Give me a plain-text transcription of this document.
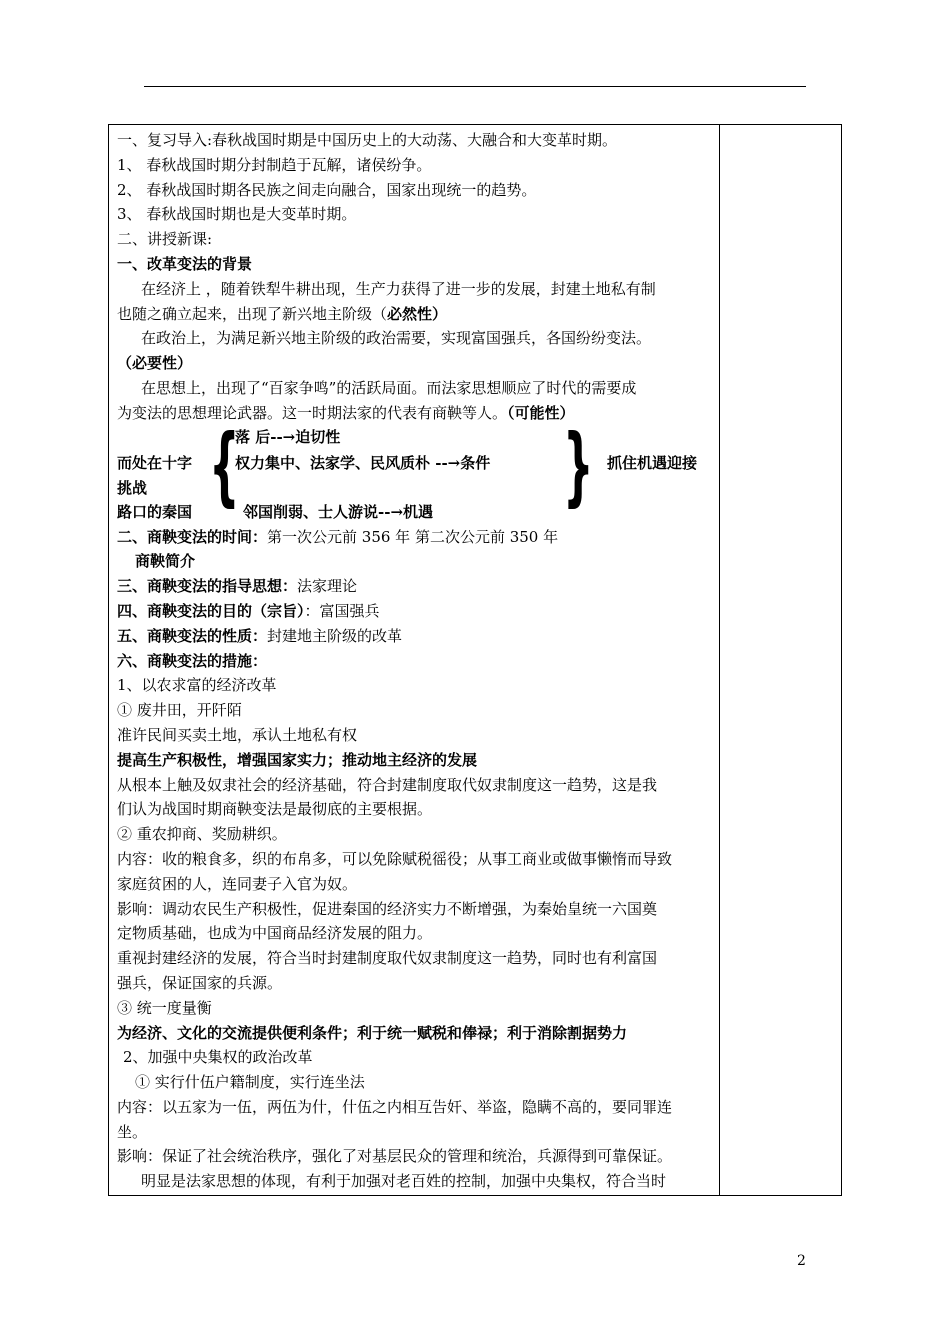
一、复习导入:春秋战国时期是中国历史上的大动荡、大融合和大变革时期。
1、 春秋战国时期分封制趋于瓦解，诸侯纷争。
2、 春秋战国时期各民族之间走向融合，国家出现统一的趋势。
3、 春秋战国时期也是大变革时期。
二、讲授新课:
一、改革变法的背景
在经济上 ，随着铁犁牛耕出现，生产力获得了进一步的发展，封建土地私有制
也随之确立起来，出现了新兴地主阶级（必然性）
在政治上，为满足新兴地主阶级的政治需要，实现富国强兵，各国纷纷变法。
（必要性）
在思想上，出现了“百家争鸣”的活跃局面。而法家思想顺应了时代的需要成
为变法的思想理论武器。这一时期法家的代表有商鞅等人。（可能性）
而处在十字
挑战
路口的秦国 {
落 后--→迫切性
权力集中、法家学、民风质朴 --→条件
邻国削弱、士人游说--→机遇 } 抓住机遇迎接
二、商鞅变法的时间：第一次公元前 356 年 第二次公元前 350 年
商鞅简介
三、商鞅变法的指导思想：法家理论
四、商鞅变法的目的（宗旨）：富国强兵
五、商鞅变法的性质：封建地主阶级的改革
六、商鞅变法的措施：
1、以农求富的经济改革
① 废井田，开阡陌
准许民间买卖土地，承认土地私有权
提高生产积极性，增强国家实力；推动地主经济的发展
从根本上触及奴隶社会的经济基础，符合封建制度取代奴隶制度这一趋势，这是我
们认为战国时期商鞅变法是最彻底的主要根据。
② 重农抑商、奖励耕织。
内容：收的粮食多，织的布帛多，可以免除赋税徭役；从事工商业或做事懒惰而导致
家庭贫困的人，连同妻子入官为奴。
影响：调动农民生产积极性，促进秦国的经济实力不断增强，为秦始皇统一六国奠
定物质基础，也成为中国商品经济发展的阻力。
重视封建经济的发展，符合当时封建制度取代奴隶制度这一趋势，同时也有利富国
强兵，保证国家的兵源。
③ 统一度量衡
为经济、文化的交流提供便利条件；利于统一赋税和俸禄；利于消除割据势力
2、加强中央集权的政治改革
① 实行什伍户籍制度，实行连坐法
内容：以五家为一伍，两伍为什，什伍之内相互告奸、举盗，隐瞒不高的，要同罪连
坐。
影响：保证了社会统治秩序，强化了对基层民众的管理和统治，兵源得到可靠保证。
明显是法家思想的体现，有利于加强对老百姓的控制，加强中央集权，符合当时
2
